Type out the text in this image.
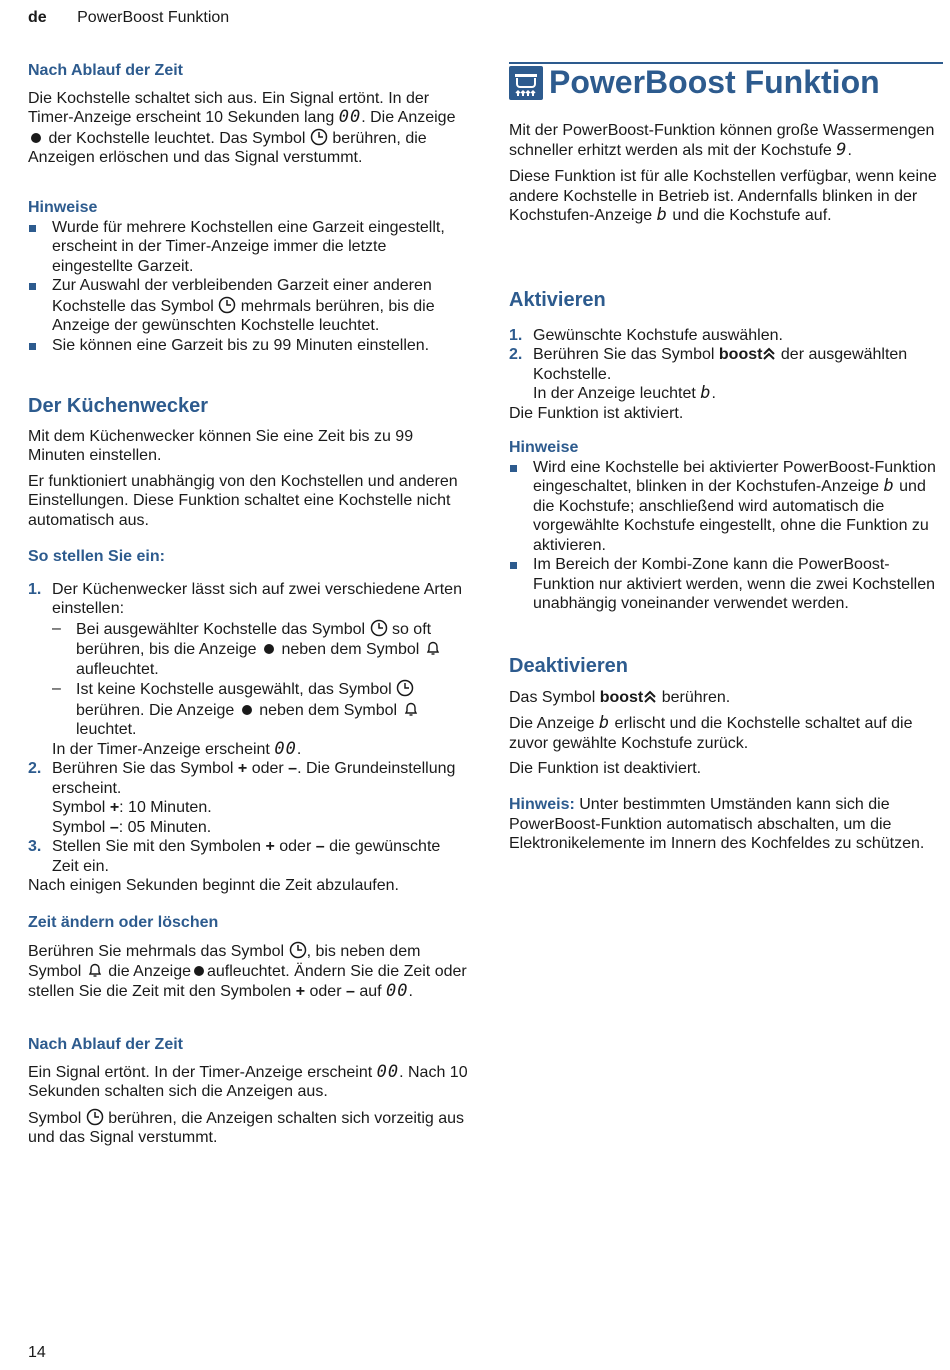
de PowerBoost Funktion
Nach Ablauf der Zeit

Die Kochstelle schaltet sich aus. Ein Signal ertönt. In der Timer-Anzeige erscheint 10 Sekunden lang 00. Die Anzeige  der Kochstelle leuchtet. Das Symbol berühren, die Anzeigen erlöschen und das Signal verstummt.

Hinweise
Wurde für mehrere Kochstellen eine Garzeit eingestellt, erscheint in der Timer-Anzeige immer die letzte eingestellte Garzeit.
Zur Auswahl der verbleibenden Garzeit einer anderen Kochstelle das Symbol mehrmals berühren, bis die Anzeige der gewünschten Kochstelle leuchtet.
Sie können eine Garzeit bis zu 99 Minuten einstellen.
Der Küchenwecker

Mit dem Küchenwecker können Sie eine Zeit bis zu 99 Minuten einstellen.

Er funktioniert unabhängig von den Kochstellen und anderen Einstellungen. Diese Funktion schaltet eine Kochstelle nicht automatisch aus.

So stellen Sie ein:
1. Der Küchenwecker lässt sich auf zwei verschiedene Arten einstellen:
– Bei ausgewählter Kochstelle das Symbol so oft berühren, bis die Anzeige neben dem Symbol  aufleuchtet.
– Ist keine Kochstelle ausgewählt, das Symbol  berühren. Die Anzeige neben dem Symbol  leuchtet.
In der Timer-Anzeige erscheint 00.
2. Berühren Sie das Symbol + oder –. Die Grundeinstellung erscheint.
Symbol +: 10 Minuten.
Symbol –: 05 Minuten.
3. Stellen Sie mit den Symbolen + oder – die gewünschte Zeit ein.

Nach einigen Sekunden beginnt die Zeit abzulaufen.

Zeit ändern oder löschen

Berühren Sie mehrmals das Symbol , bis neben dem Symbol die Anzeige aufleuchtet. Ändern Sie die Zeit oder stellen Sie die Zeit mit den Symbolen + oder – auf 00.

Nach Ablauf der Zeit

Ein Signal ertönt. In der Timer-Anzeige erscheint 00. Nach 10 Sekunden schalten sich die Anzeigen aus.

Symbol berühren, die Anzeigen schalten sich vorzeitig aus und das Signal verstummt.

PowerBoost Funktion

Mit der PowerBoost-Funktion können große Wassermengen schneller erhitzt werden als mit der Kochstufe 9.

Diese Funktion ist für alle Kochstellen verfügbar, wenn keine andere Kochstelle in Betrieb ist. Andernfalls blinken in der Kochstufen-Anzeige b und die Kochstufe auf.

Aktivieren
1. Gewünschte Kochstufe auswählen.
2. Berühren Sie das Symbol boost der ausgewählten Kochstelle.
In der Anzeige leuchtet b.

Die Funktion ist aktiviert.

Hinweise
Wird eine Kochstelle bei aktivierter PowerBoost-Funktion eingeschaltet, blinken in der Kochstufen-Anzeige b und die Kochstufe; anschließend wird automatisch die vorgewählte Kochstufe eingestellt, ohne die Funktion zu aktivieren.
Im Bereich der Kombi-Zone kann die PowerBoost-Funktion nur aktiviert werden, wenn die zwei Kochstellen unabhängig voneinander verwendet werden.
Deaktivieren

Das Symbol boost berühren.

Die Anzeige b erlischt und die Kochstelle schaltet auf die zuvor gewählte Kochstufe zurück.

Die Funktion ist deaktiviert.

Hinweis: Unter bestimmten Umständen kann sich die PowerBoost-Funktion automatisch abschalten, um die Elektronikelemente im Innern des Kochfeldes zu schützen.

14
